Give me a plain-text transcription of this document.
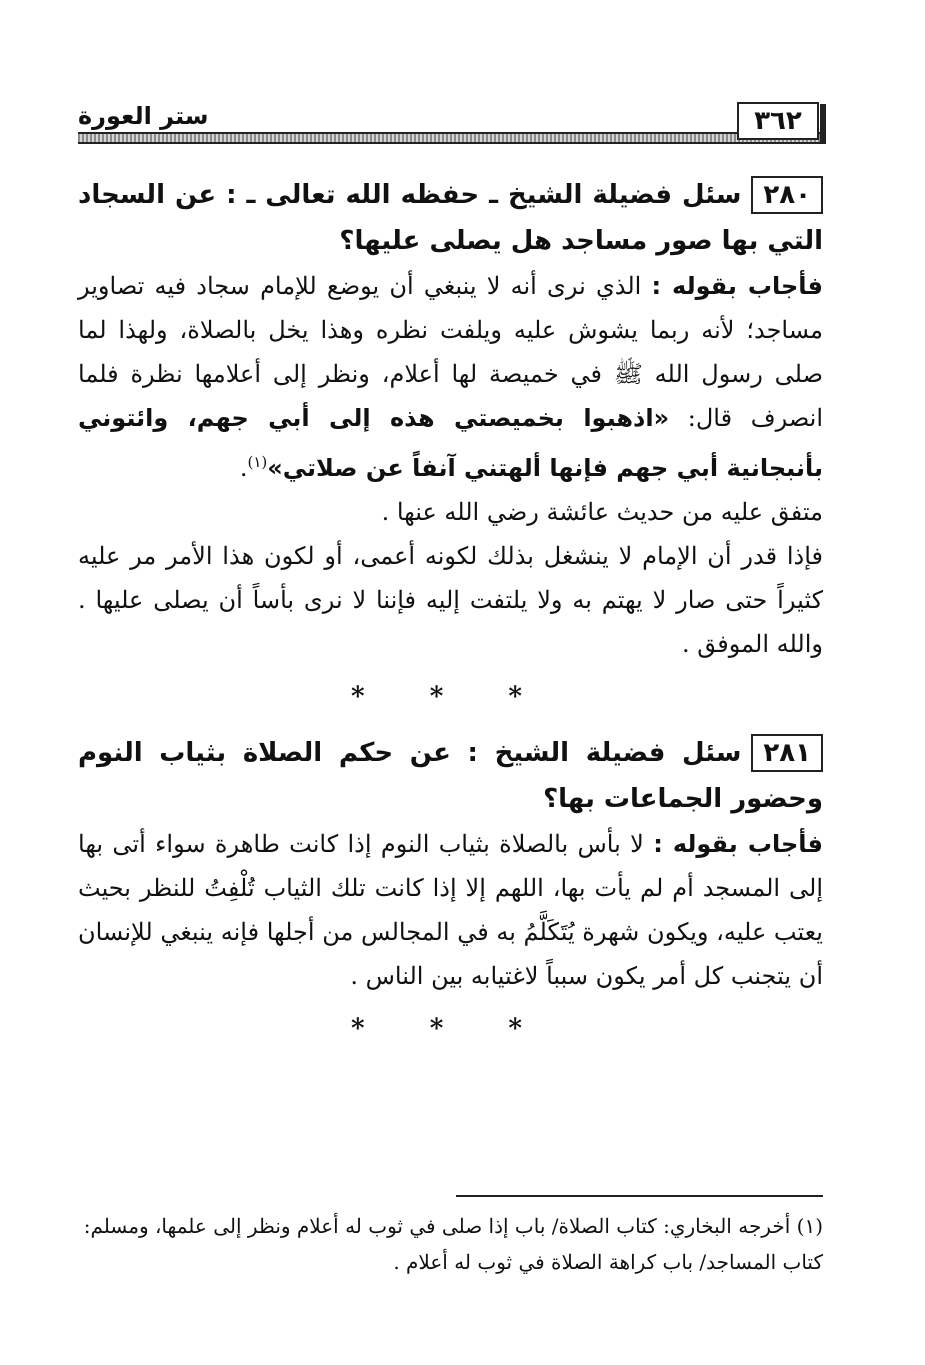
ستر العورة	٣٦٢

٢٨٠سئل فضيلة الشيخ ـ حفظه الله تعالى ـ : عن السجاد التي بها صور مساجد هل يصلى عليها؟

فأجاب بقوله : الذي نرى أنه لا ينبغي أن يوضع للإمام سجاد فيه تصاوير مساجد؛ لأنه ربما يشوش عليه ويلفت نظره وهذا يخل بالصلاة، ولهذا لما صلى رسول الله ﷺ في خميصة لها أعلام، ونظر إلى أعلامها نظرة فلما انصرف قال: «اذهبوا بخميصتي هذه إلى أبي جهم، وائتوني بأنبجانية أبي جهم فإنها ألهتني آنفاً عن صلاتي»$^{(١)}$.

متفق عليه من حديث عائشة رضي الله عنها .

فإذا قدر أن الإمام لا ينشغل بذلك لكونه أعمى، أو لكون هذا الأمر مر عليه كثيراً حتى صار لا يهتم به ولا يلتفت إليه فإننا لا نرى بأساً أن يصلى عليها . والله الموفق .

* * *

٢٨١سئل فضيلة الشيخ : عن حكم الصلاة بثياب النوم وحضور الجماعات بها؟

فأجاب بقوله : لا بأس بالصلاة بثياب النوم إذا كانت طاهرة سواء أتى بها إلى المسجد أم لم يأت بها، اللهم إلا إذا كانت تلك الثياب تُلْفِتُ للنظر بحيث يعتب عليه، ويكون شهرة يُتَكَلَّمُ به في المجالس من أجلها فإنه ينبغي للإنسان أن يتجنب كل أمر يكون سبباً لاغتيابه بين الناس .

* * *
(١) أخرجه البخاري: كتاب الصلاة/ باب إذا صلى في ثوب له أعلام ونظر إلى علمها، ومسلم: كتاب المساجد/ باب كراهة الصلاة في ثوب له أعلام .
